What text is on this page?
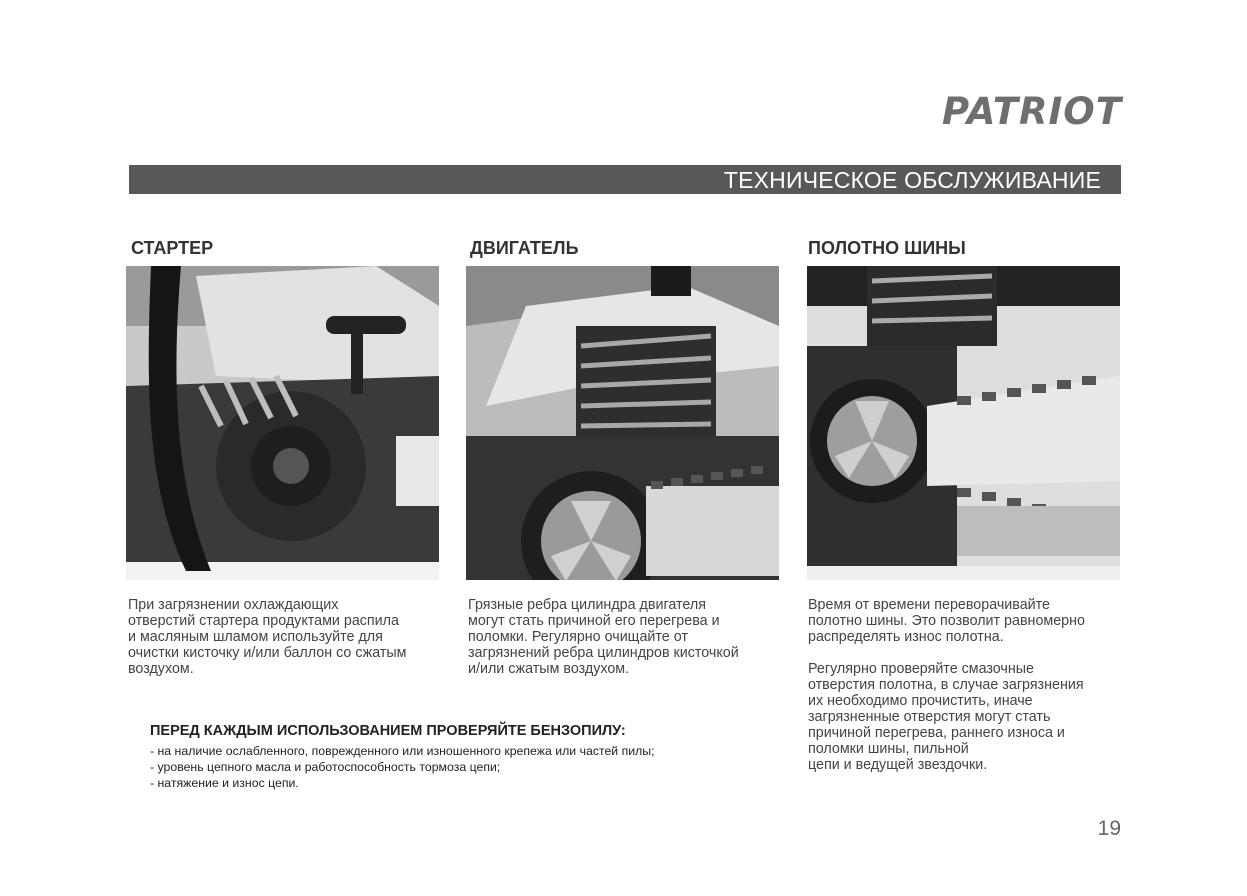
PATRIOT
ТЕХНИЧЕСКОЕ ОБСЛУЖИВАНИЕ
СТАРТЕР	ДВИГАТЕЛЬ	ПОЛОТНО ШИНЫ
При загрязнении охлаждающих
отверстий стартера продуктами распила
и масляным шламом используйте для
очистки кисточку и/или баллон со сжатым
воздухом.
Грязные ребра цилиндра двигателя
могут стать причиной его перегрева и
поломки. Регулярно очищайте от
загрязнений ребра цилиндров кисточкой
и/или сжатым воздухом.
Время от времени переворачивайте
полотно шины. Это позволит равномерно
распределять износ полотна.
Регулярно проверяйте смазочные
отверстия полотна, в случае загрязнения
их необходимо прочистить, иначе
загрязненные отверстия могут стать
причиной перегрева, раннего износа и
поломки шины, пильной
цепи и ведущей звездочки.
ПЕРЕД КАЖДЫМ ИСПОЛЬЗОВАНИЕМ ПРОВЕРЯЙТЕ БЕНЗОПИЛУ:
- на наличие ослабленного, поврежденного или изношенного крепежа или частей пилы;
- уровень цепного масла и работоспособность тормоза цепи;
- натяжение и износ цепи.
19
